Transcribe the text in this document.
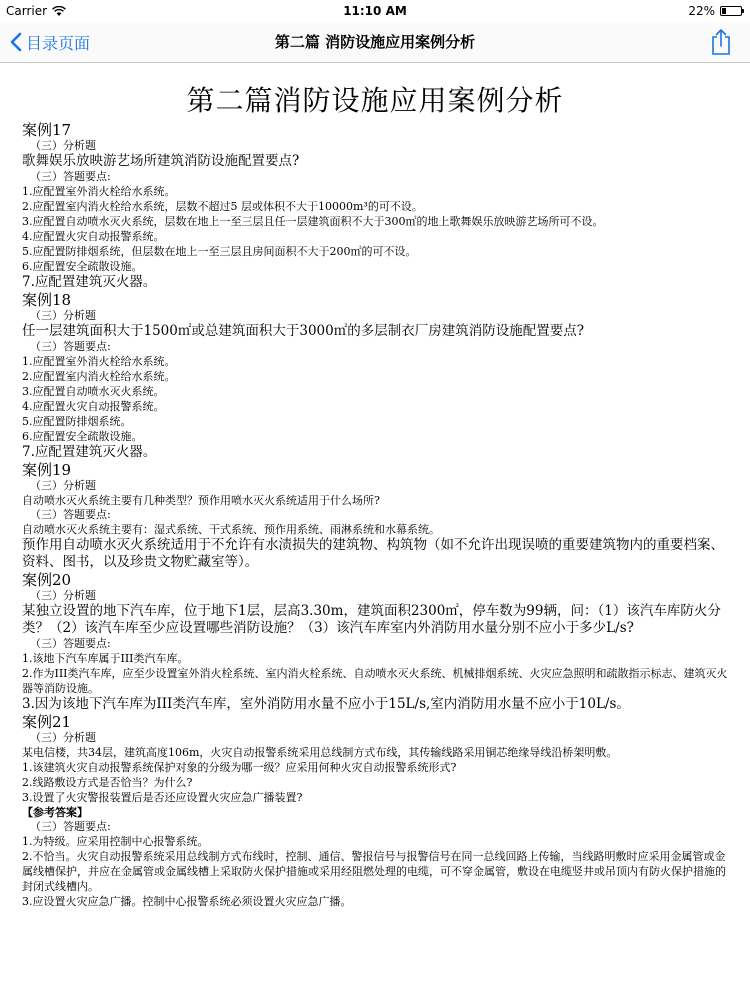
Carrier	11:10 AM	22%
目录页面	第二篇 消防设施应用案例分析
第二篇消防设施应用案例分析
案例17
（三）分析题
歌舞娱乐放映游艺场所建筑消防设施配置要点?
（三）答题要点:
1.应配置室外消火栓给水系统。
2.应配置室内消火栓给水系统，层数不超过5 层或体积不大于10000m³的可不设。
3.应配置自动喷水灭火系统，层数在地上一至三层且任一层建筑面积不大于300㎡的地上歌舞娱乐放映游艺场所可不设。
4.应配置火灾自动报警系统。
5.应配置防排烟系统，但层数在地上一至三层且房间面积不大于200㎡的可不设。
6.应配置安全疏散设施。
7.应配置建筑灭火器。
案例18
（三）分析题
任一层建筑面积大于1500㎡或总建筑面积大于3000㎡的多层制衣厂房建筑消防设施配置要点?
（三）答题要点:
1.应配置室外消火栓给水系统。
2.应配置室内消火栓给水系统。
3.应配置自动喷水灭火系统。
4.应配置火灾自动报警系统。
5.应配置防排烟系统。
6.应配置安全疏散设施。
7.应配置建筑灭火器。
案例19
（三）分析题
自动喷水灭火系统主要有几种类型？预作用喷水灭火系统适用于什么场所?
（三）答题要点:
自动喷水灭火系统主要有：湿式系统、干式系统、预作用系统、雨淋系统和水幕系统。
预作用自动喷水灭火系统适用于不允许有水渍损失的建筑物、构筑物（如不允许出现误喷的重要建筑物内的重要档案、资料、图书，以及珍贵文物贮藏室等）。
案例20
（三）分析题
某独立设置的地下汽车库，位于地下1层，层高3.30m，建筑面积2300㎡，停车数为99辆，问：（1）该汽车库防火分类？（2）该汽车库至少应设置哪些消防设施？（3）该汽车库室内外消防用水量分别不应小于多少L/s?
（三）答题要点:
1.该地下汽车库属于III类汽车库。
2.作为III类汽车库，应至少设置室外消火栓系统、室内消火栓系统、自动喷水灭火系统、机械排烟系统、火灾应急照明和疏散指示标志、建筑灭火器等消防设施。
3.因为该地下汽车库为III类汽车库，室外消防用水量不应小于15L/s,室内消防用水量不应小于10L/s。
案例21
（三）分析题
某电信楼，共34层，建筑高度106m，火灾自动报警系统采用总线制方式布线，其传输线路采用铜芯绝缘导线沿桥架明敷。
1.该建筑火灾自动报警系统保护对象的分级为哪一级？应采用何种火灾自动报警系统形式?
2.线路敷设方式是否恰当？为什么?
3.设置了火灾警报装置后是否还应设置火灾应急广播装置?
【参考答案】
（三）答题要点:
1.为特级。应采用控制中心报警系统。
2.不恰当。火灾自动报警系统采用总线制方式布线时，控制、通信、警报信号与报警信号在同一总线回路上传输，当线路明敷时应采用金属管或金属线槽保护，并应在金属管或金属线槽上采取防火保护措施或采用经阻燃处理的电缆，可不穿金属管，敷设在电缆竖井或吊顶内有防火保护措施的封闭式线槽内。
3.应设置火灾应急广播。控制中心报警系统必须设置火灾应急广播。
